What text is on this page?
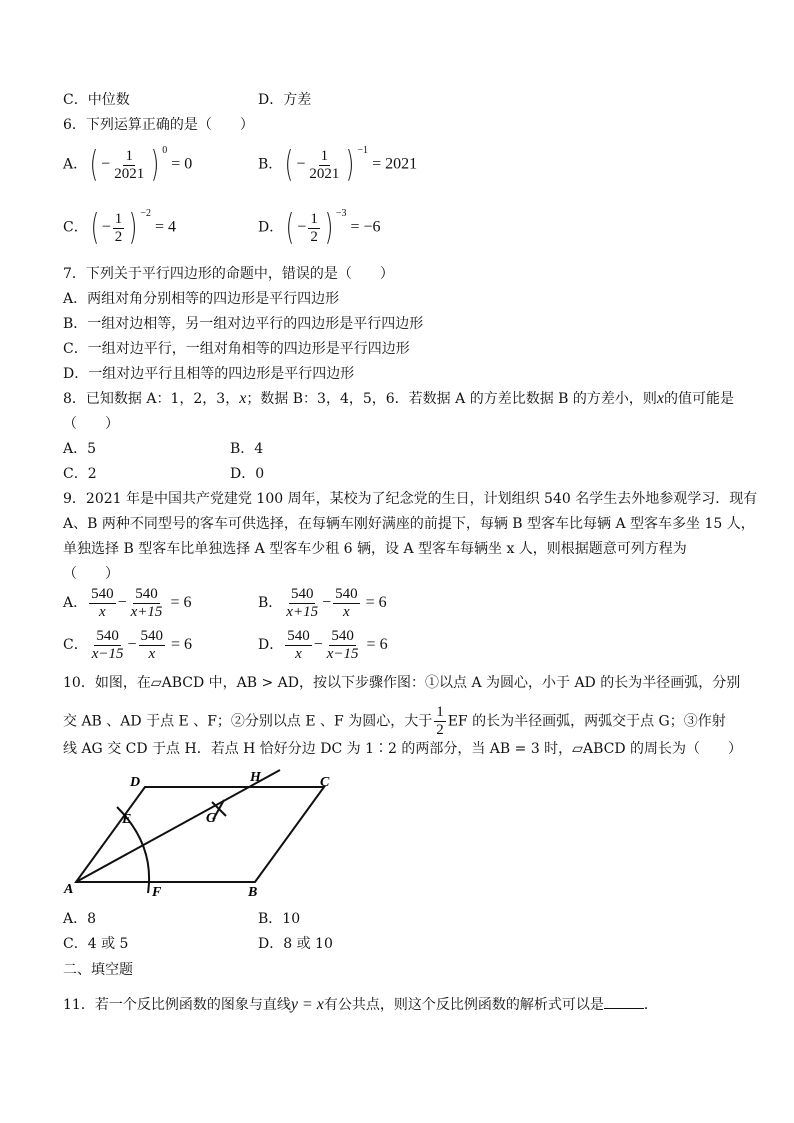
C．中位数	D．方差
6．下列运算正确的是（　　）
A．( − $\frac{1}{2021}$ ) $^0$ = 0	B．( − $\frac{1}{2021}$ ) $^{-1}$ = 2021
C．( − $\frac{1}{2}$ ) $^{-2}$ = 4	D．( − $\frac{1}{2}$ ) $^{-3}$ = −6
7．下列关于平行四边形的命题中，错误的是（　　）
A．两组对角分别相等的四边形是平行四边形
B．一组对边相等，另一组对边平行的四边形是平行四边形
C．一组对边平行，一组对角相等的四边形是平行四边形
D．一组对边平行且相等的四边形是平行四边形
8．已知数据 A：1，2，3，x；数据 B：3，4，5，6．若数据 A 的方差比数据 B 的方差小，则x的值可能是
（　　）
A．5	B．4
C．2	D．0
9．2021 年是中国共产党建党 100 周年，某校为了纪念党的生日，计划组织 540 名学生去外地参观学习．现有
A、B 两种不同型号的客车可供选择，在每辆车刚好满座的前提下，每辆 B 型客车比每辆 A 型客车多坐 15 人，
单独选择 B 型客车比单独选择 A 型客车少租 6 辆，设 A 型客车每辆坐 x 人，则根据题意可列方程为
（　　）
A． $\frac{540}{x} - \frac{540}{x+15} = 6$	B． $\frac{540}{x+15} - \frac{540}{x} = 6$
C． $\frac{540}{x-15} - \frac{540}{x} = 6$	D． $\frac{540}{x} - \frac{540}{x-15} = 6$
10．如图，在▱ABCD 中，AB > AD，按以下步骤作图：①以点 A 为圆心，小于 AD 的长为半径画弧，分别
交 AB 、AD 于点 E 、F；②分别以点 E 、F 为圆心，大于 $\frac{1}{2}$ EF 的长为半径画弧，两弧交于点 G；③作射
线 AG 交 CD 于点 H．若点 H 恰好分边 DC 为 1∶2 的两部分，当 AB = 3 时，▱ABCD 的周长为（　　）
A	B
C
D
E
F
G
H
A．8	B．10
C．4 或 5	D．8 或 10
二、填空题
11．若一个反比例函数的图象与直线y = x有公共点，则这个反比例函数的解析式可以是	．
